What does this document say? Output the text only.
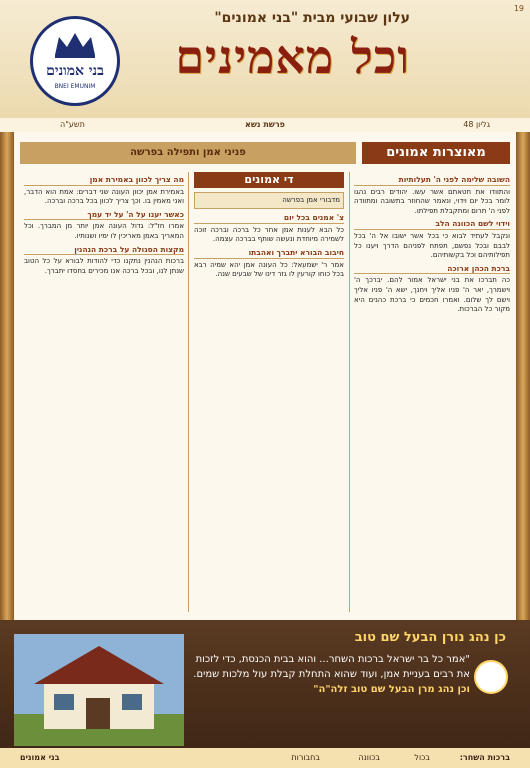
19
עלון שבועי מבית "בני אמונים"
וכל מאמינים
בני אמונים
BNEI EMUNIM
גליון 48
פרשת נשא
תשע"ה
מאוצרות אמונים
פניני אמן ותפילה בפרשה
השובה שלימה לפני ה' תעלותיות

והתוודו את חטאתם אשר עשו. יהודים רבים נהגו לומר בכל יום וידוי, ונאמר שהחוזר בתשובה ומתוודה לפני ה' תרום ומתקבלת תפילתו.

וידוי לשם הכוונה הלב

ונקבל לעתיד לבוא כי בכל אשר ישובו אל ה' בכל לבבם ובכל נפשם, תפתח לפניהם הדרך ויענו כל תפילותיהם וכל בקשותיהם.

ברכת הכהן ארוכה

כה תברכו את בני ישראל אמור להם. יברכך ה' וישמרך, יאר ה' פניו אליך ויחנך, ישא ה' פניו אליך וישם לך שלום. ואמרו חכמים כי ברכת כהנים היא מקור כל הברכות.

די אמונים
מדבורי אמן בפרשה
צ' אמנים בכל יום

כל הבא לענות אמן אחר כל ברכה וברכה זוכה לשמירה מיוחדת ונעשה שותף בברכה עצמה.

חיבוב הבורא יתברך ואהבתו

אמר ר' ישמעאל: כל העונה אמן יהא שמיה רבא בכל כוחו קורעין לו גזר דינו של שבעים שנה.

מה צריך לכוון באמירת אמן

באמירת אמן יכוון העונה שני דברים: אמת הוא הדבר, ואני מאמין בו. וכך צריך לכוון בכל ברכה וברכה.

כאשר יענו על ה' על יד עמך

אמרו חז"ל: גדול העונה אמן יותר מן המברך. וכל המאריך באמן מאריכין לו ימיו ושנותיו.

מקצות הסגולה על ברכת הנהנין

ברכות הנהנין נתקנו כדי להודות לבורא על כל הטוב שנתן לנו, ובכל ברכה אנו מכירים בחסדו יתברך.

כן נהג נורן הבעל שם טוב
"אמר כל בר ישראל ברכות השחר... והוא בבית הכנסת, כדי לזכות את רבים בעניית אמן, ועוד שהוא התחלת קבלת עול מלכות שמים. וכן נהג מרן הבעל שם טוב זלה"ה"
ברכות השחר:
בכול
בכוונה
בחבורות
בני אמונים
